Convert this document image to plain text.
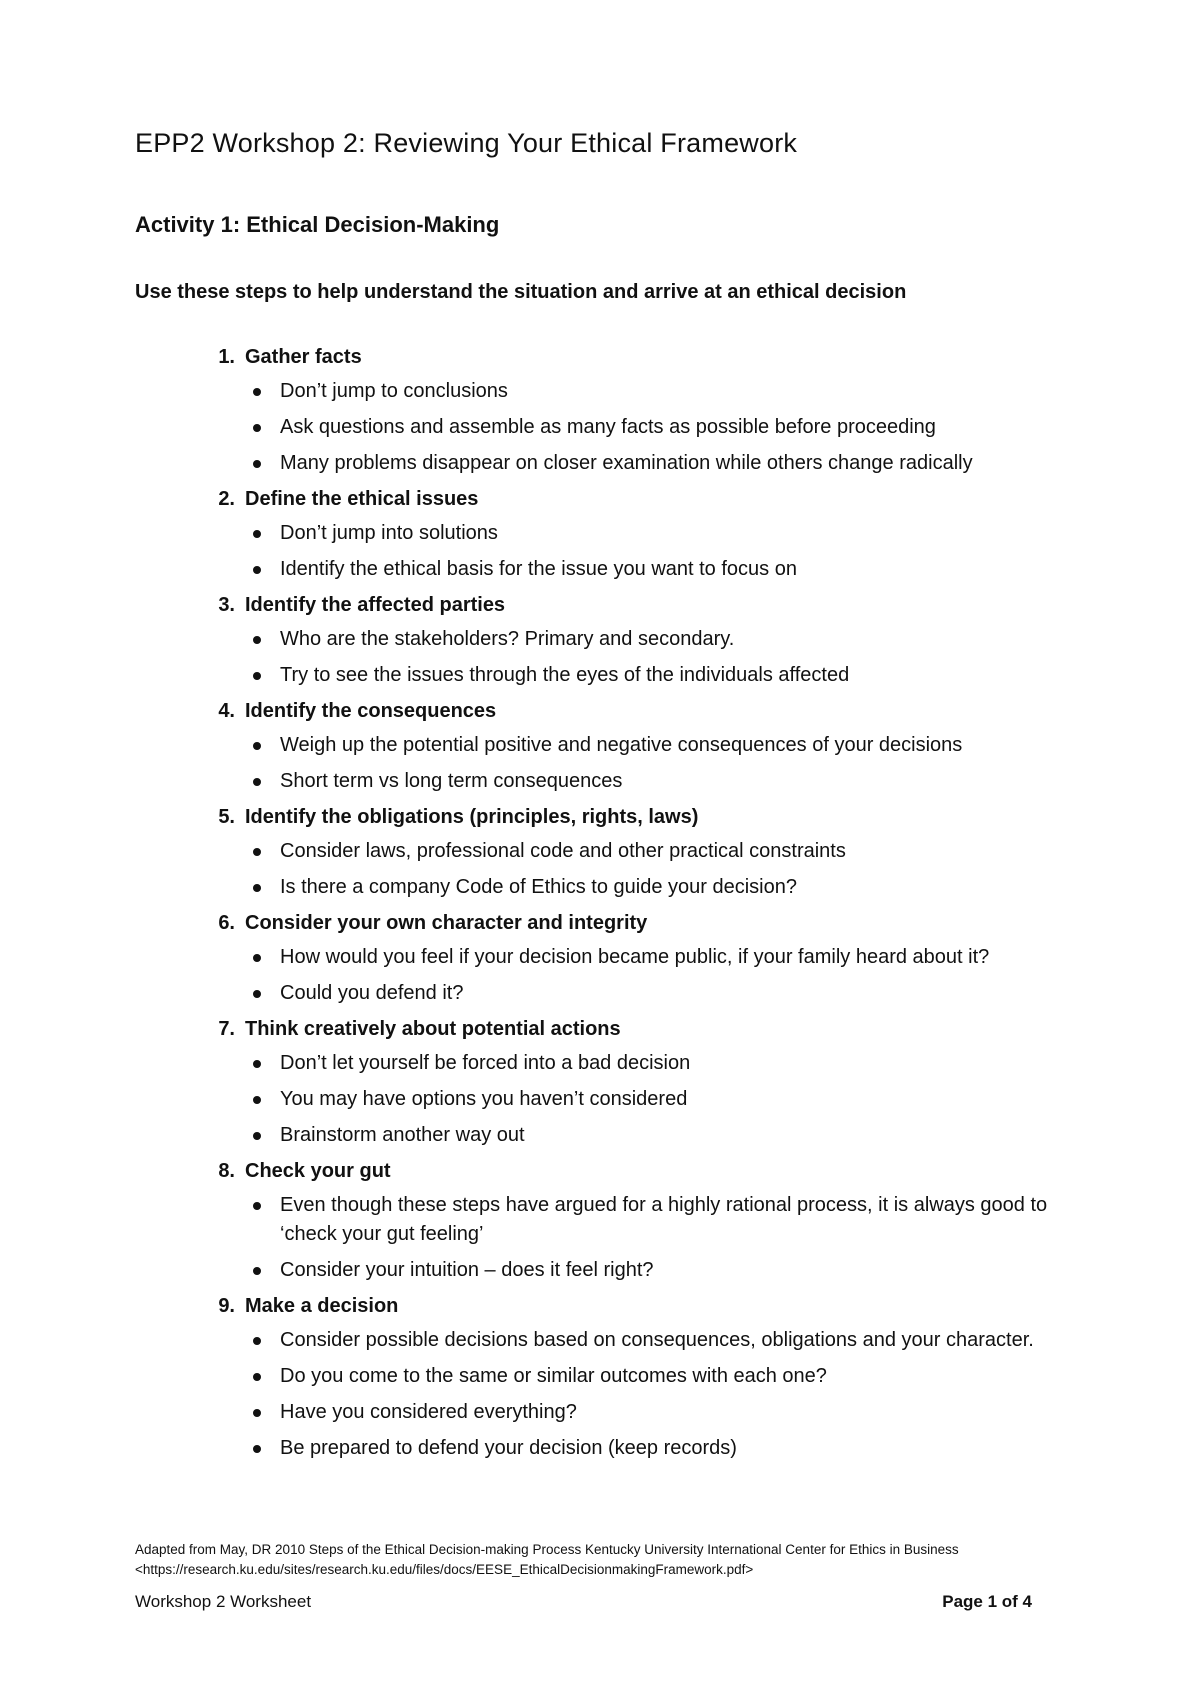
EPP2 Workshop 2: Reviewing Your Ethical Framework
Activity 1: Ethical Decision-Making

Use these steps to help understand the situation and arrive at an ethical decision

1. Gather facts
Don’t jump to conclusions
Ask questions and assemble as many facts as possible before proceeding
Many problems disappear on closer examination while others change radically
2. Define the ethical issues
Don’t jump into solutions
Identify the ethical basis for the issue you want to focus on
3. Identify the affected parties
Who are the stakeholders? Primary and secondary.
Try to see the issues through the eyes of the individuals affected
4. Identify the consequences
Weigh up the potential positive and negative consequences of your decisions
Short term vs long term consequences
5. Identify the obligations (principles, rights, laws)
Consider laws, professional code and other practical constraints
Is there a company Code of Ethics to guide your decision?
6. Consider your own character and integrity
How would you feel if your decision became public, if your family heard about it?
Could you defend it?
7. Think creatively about potential actions
Don’t let yourself be forced into a bad decision
You may have options you haven’t considered
Brainstorm another way out
8. Check your gut
Even though these steps have argued for a highly rational process, it is always good to ‘check your gut feeling’
Consider your intuition – does it feel right?
9. Make a decision
Consider possible decisions based on consequences, obligations and your character.
Do you come to the same or similar outcomes with each one?
Have you considered everything?
Be prepared to defend your decision (keep records)

Adapted from May, DR 2010 Steps of the Ethical Decision-making Process Kentucky University International Center for Ethics in Business

<https://research.ku.edu/sites/research.ku.edu/files/docs/EESE_EthicalDecisionmakingFramework.pdf>

Workshop 2 Worksheet	Page 1 of 4
